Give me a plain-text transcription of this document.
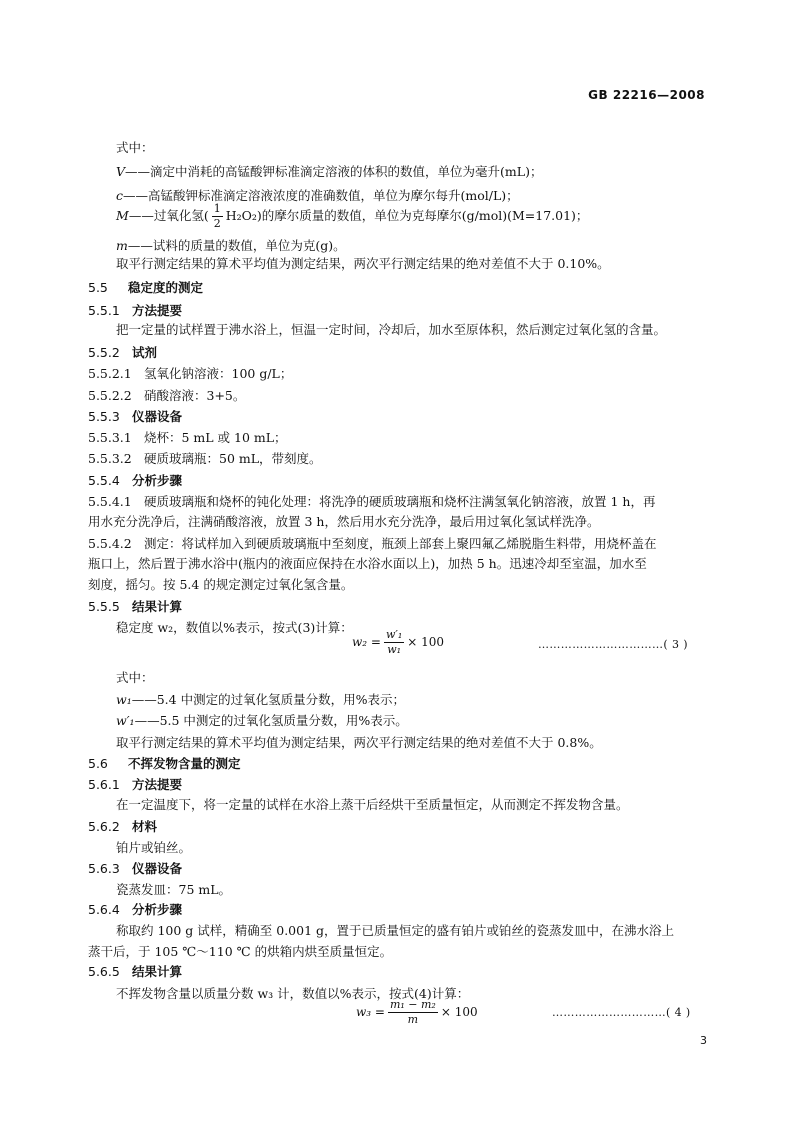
GB 22216—2008
式中：
V——滴定中消耗的高锰酸钾标准滴定溶液的体积的数值，单位为毫升(mL)；
c——高锰酸钾标准滴定溶液浓度的准确数值，单位为摩尔每升(mol/L)；
M——过氧化氢( $\frac{1}{2} H_2O_2$)的摩尔质量的数值，单位为克每摩尔(g/mol)(M=17.01)；
m——试料的质量的数值，单位为克(g)。
取平行测定结果的算术平均值为测定结果，两次平行测定结果的绝对差值不大于 0.10%。
5.5 稳定度的测定
5.5.1 方法提要
把一定量的试样置于沸水浴上，恒温一定时间，冷却后，加水至原体积，然后测定过氧化氢的含量。
5.5.2 试剂
5.5.2.1 氢氧化钠溶液：100 g/L；
5.5.2.2 硝酸溶液：3+5。
5.5.3 仪器设备
5.5.3.1 烧杯：5 mL 或 10 mL；
5.5.3.2 硬质玻璃瓶：50 mL，带刻度。
5.5.4 分析步骤
5.5.4.1 硬质玻璃瓶和烧杯的钝化处理：将洗净的硬质玻璃瓶和烧杯注满氢氧化钠溶液，放置 1 h，再
用水充分洗净后，注满硝酸溶液，放置 3 h，然后用水充分洗净，最后用过氧化氢试样洗净。
5.5.4.2 测定：将试样加入到硬质玻璃瓶中至刻度，瓶颈上部套上聚四氟乙烯脱脂生料带，用烧杯盖在
瓶口上，然后置于沸水浴中(瓶内的液面应保持在水浴水面以上)，加热 5 h。迅速冷却至室温，加水至
刻度，摇匀。按 5.4 的规定测定过氧化氢含量。
5.5.5 结果计算
稳定度 w₂，数值以%表示，按式(3)计算：
$w_2 = \frac{\text{w′₁}}{\text{w₁}} \times 100$	……………………………( 3 )
式中：
w₁——5.4 中测定的过氧化氢质量分数，用%表示；
w′₁——5.5 中测定的过氧化氢质量分数，用%表示。
取平行测定结果的算术平均值为测定结果，两次平行测定结果的绝对差值不大于 0.8%。
5.6 不挥发物含量的测定
5.6.1 方法提要
在一定温度下，将一定量的试样在水浴上蒸干后经烘干至质量恒定，从而测定不挥发物含量。
5.6.2 材料
铂片或铂丝。
5.6.3 仪器设备
瓷蒸发皿：75 mL。
5.6.4 分析步骤
称取约 100 g 试样，精确至 0.001 g，置于已质量恒定的盛有铂片或铂丝的瓷蒸发皿中，在沸水浴上
蒸干后，于 105 ℃～110 ℃ 的烘箱内烘至质量恒定。
5.6.5 结果计算
不挥发物含量以质量分数 w₃ 计，数值以%表示，按式(4)计算：
$w_3 = \frac{\text{m₁ − m₂}}{m} \times 100$	…………………………( 4 )
3
